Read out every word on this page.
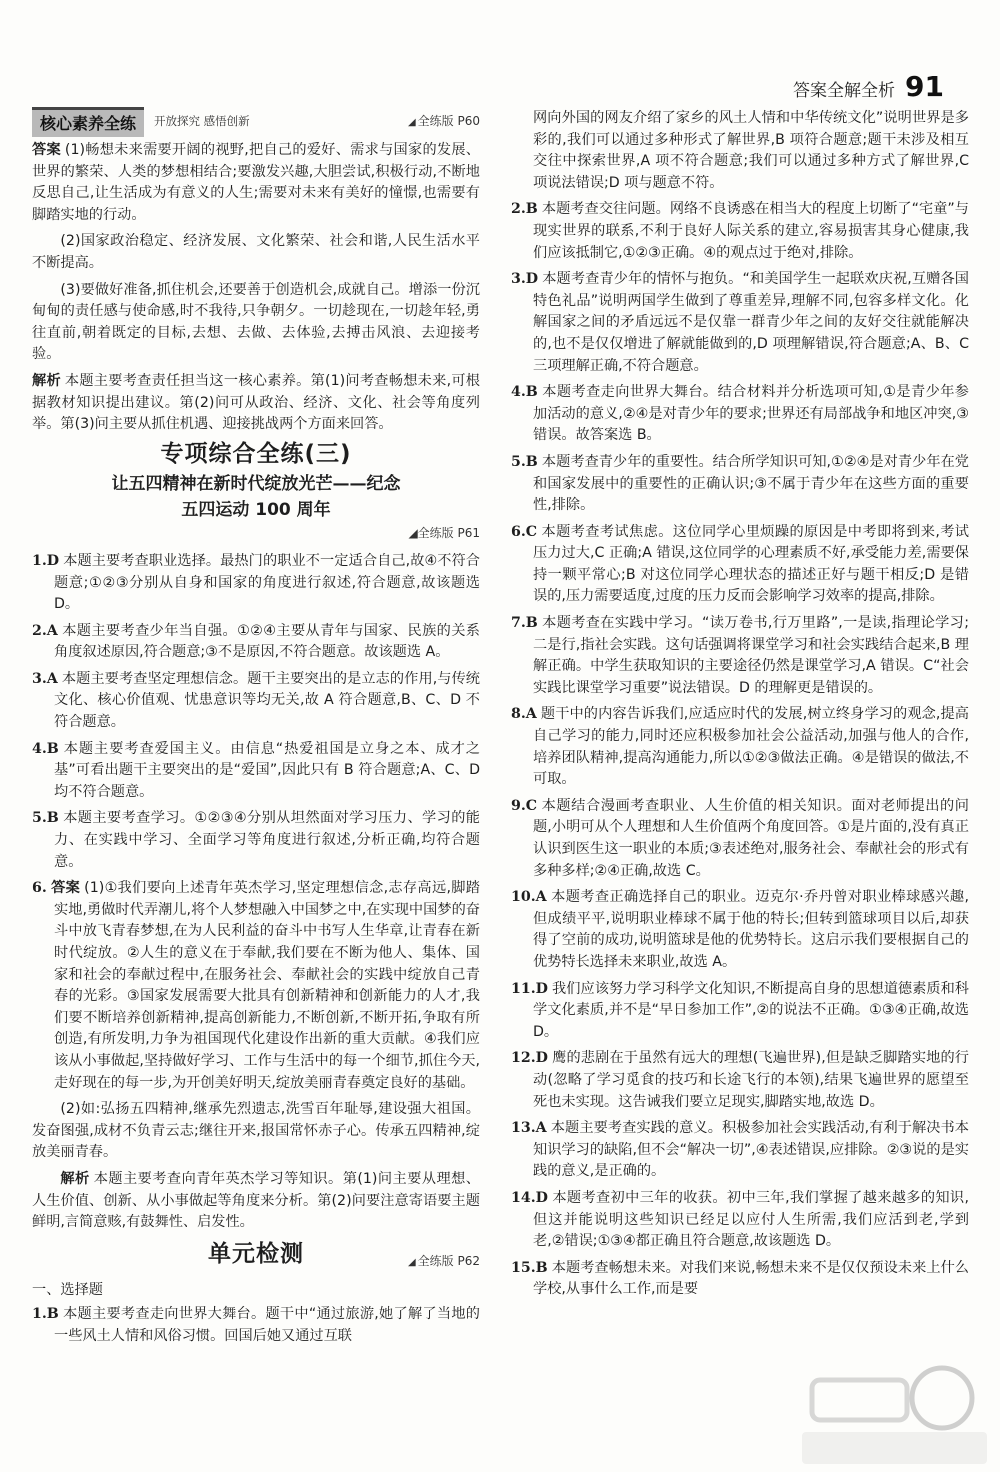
答案全解全析 91
核心素养全练	开放探究 感悟创新	◢ 全练版 P60

答案 (1)畅想未来需要开阔的视野,把自己的爱好、需求与国家的发展、世界的繁荣、人类的梦想相结合;要激发兴趣,大胆尝试,积极行动,不断地反思自己,让生活成为有意义的人生;需要对未来有美好的憧憬,也需要有脚踏实地的行动。

(2)国家政治稳定、经济发展、文化繁荣、社会和谐,人民生活水平不断提高。

(3)要做好准备,抓住机会,还要善于创造机会,成就自己。增添一份沉甸甸的责任感与使命感,时不我待,只争朝夕。一切趁现在,一切趁年轻,勇往直前,朝着既定的目标,去想、去做、去体验,去搏击风浪、去迎接考验。

解析 本题主要考查责任担当这一核心素养。第(1)问考查畅想未来,可根据教材知识提出建议。第(2)问可从政治、经济、文化、社会等角度列举。第(3)问主要从抓住机遇、迎接挑战两个方面来回答。

专项综合全练(三)

让五四精神在新时代绽放光芒——纪念

五四运动 100 周年

◢全练版 P61

1.D 本题主要考查职业选择。最热门的职业不一定适合自己,故④不符合题意;①②③分别从自身和国家的角度进行叙述,符合题意,故该题选 D。

2.A 本题主要考查少年当自强。①②④主要从青年与国家、民族的关系角度叙述原因,符合题意;③不是原因,不符合题意。故该题选 A。

3.A 本题主要考查坚定理想信念。题干主要突出的是立志的作用,与传统文化、核心价值观、忧患意识等均无关,故 A 符合题意,B、C、D 不符合题意。

4.B 本题主要考查爱国主义。由信息“热爱祖国是立身之本、成才之基”可看出题干主要突出的是“爱国”,因此只有 B 符合题意;A、C、D 均不符合题意。

5.B 本题主要考查学习。①②③④分别从坦然面对学习压力、学习的能力、在实践中学习、全面学习等角度进行叙述,分析正确,均符合题意。

6. 答案 (1)①我们要向上述青年英杰学习,坚定理想信念,志存高远,脚踏实地,勇做时代弄潮儿,将个人梦想融入中国梦之中,在实现中国梦的奋斗中放飞青春梦想,在为人民利益的奋斗中书写人生华章,让青春在新时代绽放。②人生的意义在于奉献,我们要在不断为他人、集体、国家和社会的奉献过程中,在服务社会、奉献社会的实践中绽放自己青春的光彩。③国家发展需要大批具有创新精神和创新能力的人才,我们要不断培养创新精神,提高创新能力,不断创新,不断开拓,争取有所创造,有所发明,力争为祖国现代化建设作出新的重大贡献。④我们应该从小事做起,坚持做好学习、工作与生活中的每一个细节,抓住今天,走好现在的每一步,为开创美好明天,绽放美丽青春奠定良好的基础。

(2)如:弘扬五四精神,继承先烈遗志,洗雪百年耻辱,建设强大祖国。发奋图强,成材不负青云志;继往开来,报国常怀赤子心。传承五四精神,绽放美丽青春。

解析 本题主要考查向青年英杰学习等知识。第(1)问主要从理想、人生价值、创新、从小事做起等角度来分析。第(2)问要注意寄语要主题鲜明,言简意赅,有鼓舞性、启发性。

单元检测	◢ 全练版 P62

一、选择题

1.B 本题主要考查走向世界大舞台。题干中“通过旅游,她了解了当地的一些风土人情和风俗习惯。回国后她又通过互联

网向外国的网友介绍了家乡的风土人情和中华传统文化”说明世界是多彩的,我们可以通过多种形式了解世界,B 项符合题意;题干未涉及相互交往中探索世界,A 项不符合题意;我们可以通过多种方式了解世界,C 项说法错误;D 项与题意不符。

2.B 本题考查交往问题。网络不良诱惑在相当大的程度上切断了“宅童”与现实世界的联系,不利于良好人际关系的建立,容易损害其身心健康,我们应该抵制它,①②③正确。④的观点过于绝对,排除。

3.D 本题考查青少年的情怀与抱负。“和美国学生一起联欢庆祝,互赠各国特色礼品”说明两国学生做到了尊重差异,理解不同,包容多样文化。化解国家之间的矛盾远远不是仅靠一群青少年之间的友好交往就能解决的,也不是仅仅增进了解就能做到的,D 项理解错误,符合题意;A、B、C 三项理解正确,不符合题意。

4.B 本题考查走向世界大舞台。结合材料并分析选项可知,①是青少年参加活动的意义,②④是对青少年的要求;世界还有局部战争和地区冲突,③错误。故答案选 B。

5.B 本题考查青少年的重要性。结合所学知识可知,①②④是对青少年在党和国家发展中的重要性的正确认识;③不属于青少年在这些方面的重要性,排除。

6.C 本题考查考试焦虑。这位同学心里烦躁的原因是中考即将到来,考试压力过大,C 正确;A 错误,这位同学的心理素质不好,承受能力差,需要保持一颗平常心;B 对这位同学心理状态的描述正好与题干相反;D 是错误的,压力需要适度,过度的压力反而会影响学习效率的提高,排除。

7.B 本题考查在实践中学习。“读万卷书,行万里路”,一是读,指理论学习;二是行,指社会实践。这句话强调将课堂学习和社会实践结合起来,B 理解正确。中学生获取知识的主要途径仍然是课堂学习,A 错误。C“社会实践比课堂学习重要”说法错误。D 的理解更是错误的。

8.A 题干中的内容告诉我们,应适应时代的发展,树立终身学习的观念,提高自己学习的能力,同时还应积极参加社会公益活动,加强与他人的合作,培养团队精神,提高沟通能力,所以①②③做法正确。④是错误的做法,不可取。

9.C 本题结合漫画考查职业、人生价值的相关知识。面对老师提出的问题,小明可从个人理想和人生价值两个角度回答。①是片面的,没有真正认识到医生这一职业的本质;③表述绝对,服务社会、奉献社会的形式有多种多样;②④正确,故选 C。

10.A 本题考查正确选择自己的职业。迈克尔·乔丹曾对职业棒球感兴趣,但成绩平平,说明职业棒球不属于他的特长;但转到篮球项目以后,却获得了空前的成功,说明篮球是他的优势特长。这启示我们要根据自己的优势特长选择未来职业,故选 A。

11.D 我们应该努力学习科学文化知识,不断提高自身的思想道德素质和科学文化素质,并不是“早日参加工作”,②的说法不正确。①③④正确,故选 D。

12.D 鹰的悲剧在于虽然有远大的理想(飞遍世界),但是缺乏脚踏实地的行动(忽略了学习觅食的技巧和长途飞行的本领),结果飞遍世界的愿望至死也未实现。这告诫我们要立足现实,脚踏实地,故选 D。

13.A 本题主要考查实践的意义。积极参加社会实践活动,有利于解决书本知识学习的缺陷,但不会“解决一切”,④表述错误,应排除。②③说的是实践的意义,是正确的。

14.D 本题考查初中三年的收获。初中三年,我们掌握了越来越多的知识,但这并能说明这些知识已经足以应付人生所需,我们应活到老,学到老,②错误;①③④都正确且符合题意,故该题选 D。

15.B 本题考查畅想未来。对我们来说,畅想未来不是仅仅预设未来上什么学校,从事什么工作,而是要
